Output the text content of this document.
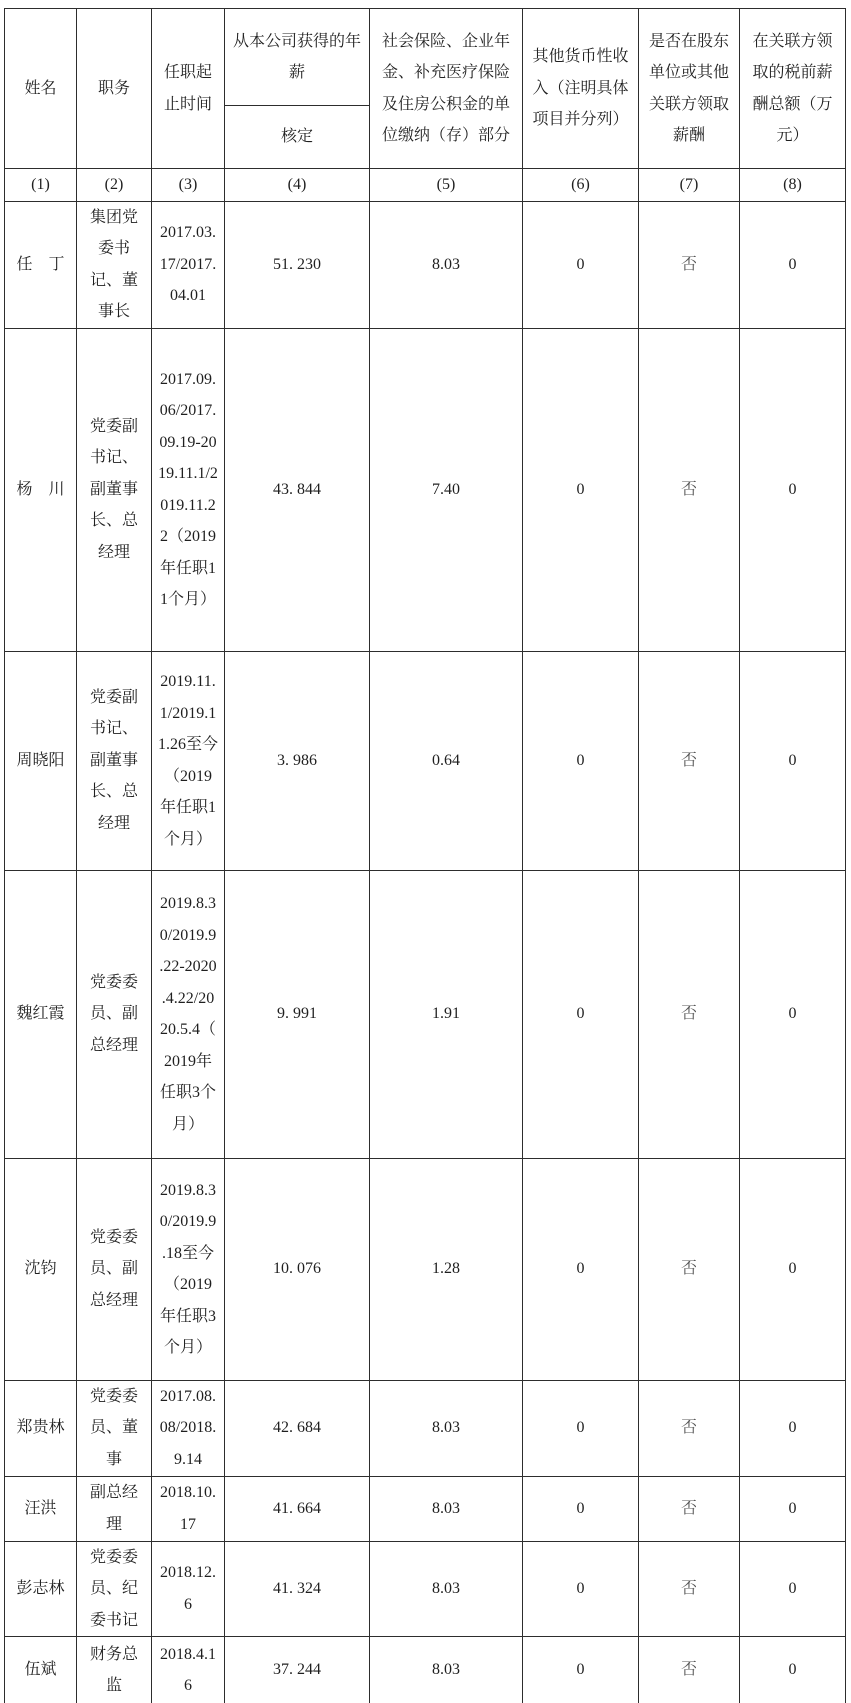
姓名	职务	任职起止时间	从本公司获得的年薪	社会保险、企业年金、补充医疗保险及住房公积金的单位缴纳（存）部分	其他货币性收入（注明具体项目并分列）	是否在股东单位或其他关联方领取薪酬	在关联方领取的税前薪酬总额（万元）
			核定				
(1)	(2)	(3)	(4)	(5)	(6)	(7)	(8)
任　丁	集团党委书记、董事长	2017.03.17/2017.04.01	51. 230	8.03	0	否	0
杨　川	党委副书记、副董事长、总经理	2017.09.06/2017.09.19-2019.11.1/2019.11.22（2019年任职11个月）	43. 844	7.40	0	否	0
周晓阳	党委副书记、副董事长、总经理	2019.11.1/2019.11.26至今（2019年任职1个月）	3. 986	0.64	0	否	0
魏红霞	党委委员、副总经理	2019.8.30/2019.9.22-2020.4.22/2020.5.4（2019年任职3个月）	9. 991	1.91	0	否	0
沈钧	党委委员、副总经理	2019.8.30/2019.9.18至今（2019年任职3个月）	10. 076	1.28	0	否	0
郑贵林	党委委员、董事	2017.08.08/2018.9.14	42. 684	8.03	0	否	0
汪洪	副总经理	2018.10.17	41. 664	8.03	0	否	0
彭志林	党委委员、纪委书记	2018.12.6	41. 324	8.03	0	否	0
伍斌	财务总监	2018.4.16	37. 244	8.03	0	否	0
